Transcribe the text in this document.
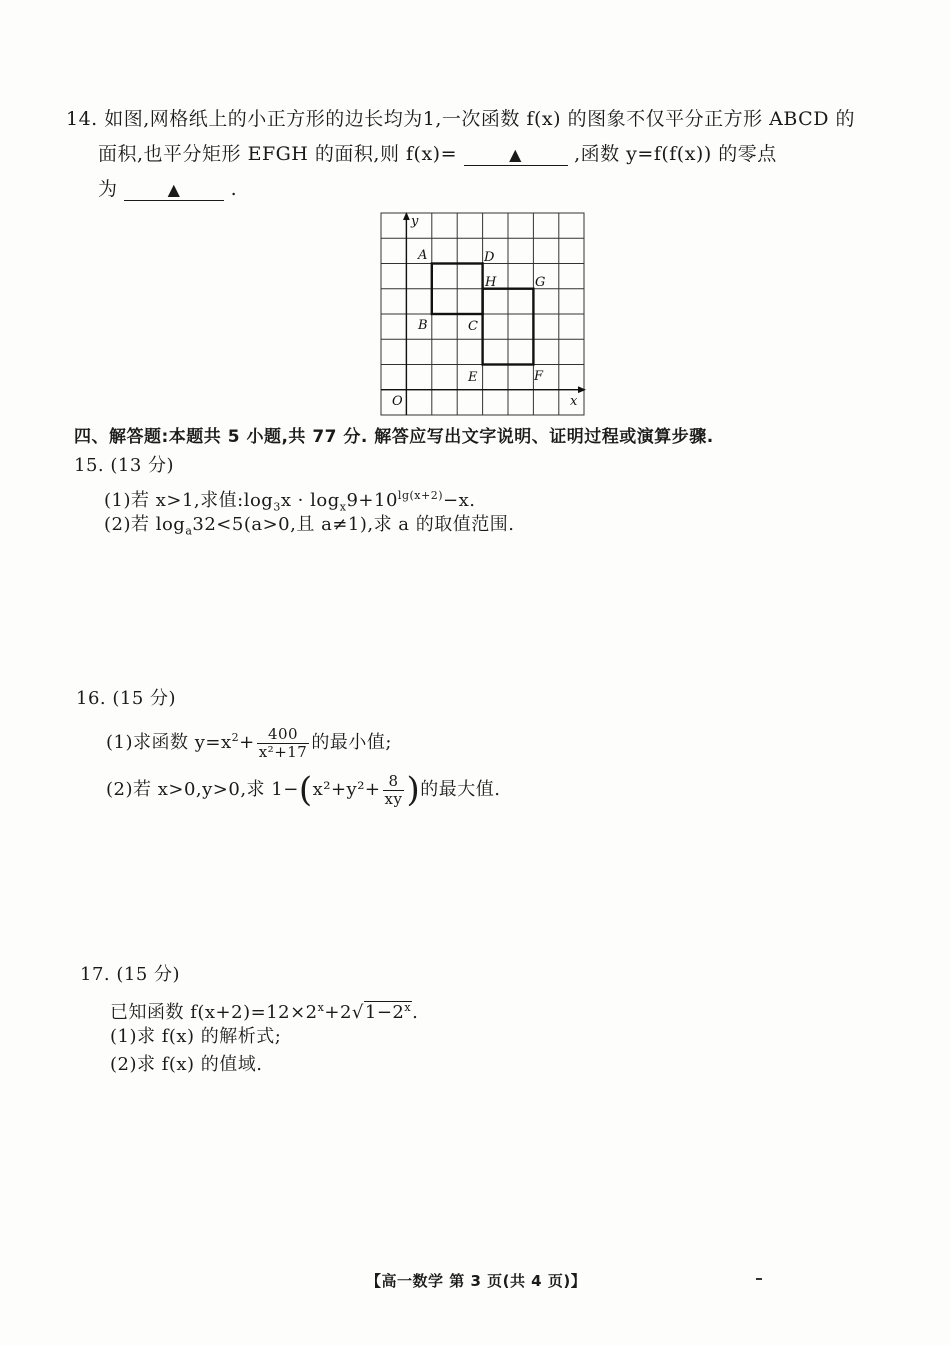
14. 如图,网格纸上的小正方形的边长均为1,一次函数 f(x) 的图象不仅平分正方形 ABCD 的
面积,也平分矩形 EFGH 的面积,则 f(x)=	▲	,函数 y=f(f(x)) 的零点
为	▲	.
y
A	D
H	G
B	C
E	F
O	x
四、解答题:本题共 5 小题,共 77 分. 解答应写出文字说明、证明过程或演算步骤.
15. (13 分)
(1)若 x>1,求值$:\log_3x \cdot \log_x9+10^{lg(x+2)}-x$.
(2)若 $\log_a32<5(a>0$,且 a≠1),求 a 的取值范围.
16. (15 分)
(1)求函数 $y=x^2+ \frac{400}{\text{x²+17}}$ 的最小值;
(2)若 x>0,y>0,求 $1-(x^2+y^2+ \frac{8}{xy}$ )的最大值.
17. (15 分)
已知函数 $f(x+2)=12\times 2^x+2√1-2^x$.
(1)求 f(x) 的解析式;
(2)求 f(x) 的值域.
【高一数学 第 3 页(共 4 页)】
